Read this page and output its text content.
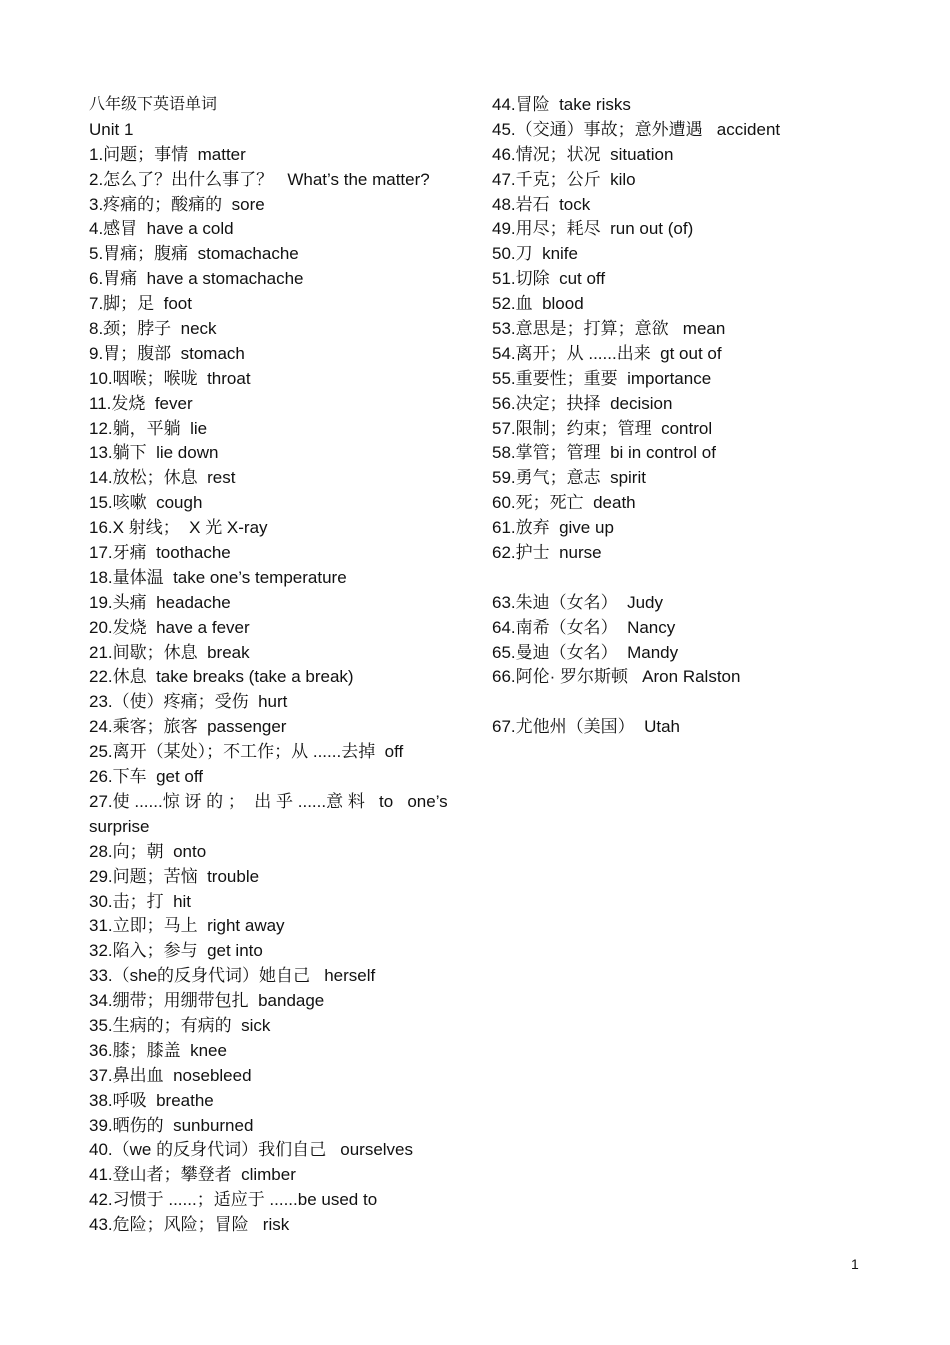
八年级下英语单词
Unit 1
1.问题；事情  matter
2.怎么了？出什么事了？   What’s the matter?
3.疼痛的；酸痛的  sore
4.感冒  have a cold
5.胃痛；腹痛  stomachache
6.胃痛  have a stomachache
7.脚；足  foot
8.颈；脖子  neck
9.胃；腹部  stomach
10.咽喉；喉咙  throat
11.发烧  fever
12.躺，平躺  lie
13.躺下  lie down
14.放松；休息  rest
15.咳嗽  cough
16.X 射线；  X 光 X-ray
17.牙痛  toothache
18.量体温  take one’s temperature
19.头痛  headache
20.发烧  have a fever
21.间歇；休息  break
22.休息  take breaks (take a break)
23.（使）疼痛；受伤  hurt
24.乘客；旅客  passenger
25.离开（某处）；不工作；从 ......去掉  off
26.下车  get off
27.使 ......惊 讶 的 ；  出 乎 ......意 料   to   one’s
surprise
28.向；朝  onto
29.问题；苦恼  trouble
30.击；打  hit
31.立即；马上  right away
32.陷入；参与  get into
33.（she的反身代词）她自己   herself
34.绷带；用绷带包扎  bandage
35.生病的；有病的  sick
36.膝；膝盖  knee
37.鼻出血  nosebleed
38.呼吸  breathe
39.晒伤的  sunburned
40.（we 的反身代词）我们自己   ourselves
41.登山者；攀登者  climber
42.习惯于 ......；适应于 ......be used to
43.危险；风险；冒险   risk
44.冒险  take risks
45.（交通）事故；意外遭遇   accident
46.情况；状况  situation
47.千克；公斤  kilo
48.岩石  tock
49.用尽；耗尽  run out (of)
50.刀  knife
51.切除  cut off
52.血  blood
53.意思是；打算；意欲   mean
54.离开；从 ......出来  gt out of
55.重要性；重要  importance
56.决定；抉择  decision
57.限制；约束；管理  control
58.掌管；管理  bi in control of
59.勇气；意志  spirit
60.死；死亡  death
61.放弃  give up
62.护士  nurse
63.朱迪（女名）  Judy
64.南希（女名）  Nancy
65.曼迪（女名）  Mandy
66.阿伦· 罗尔斯顿   Aron Ralston
67.尤他州（美国）  Utah
1
